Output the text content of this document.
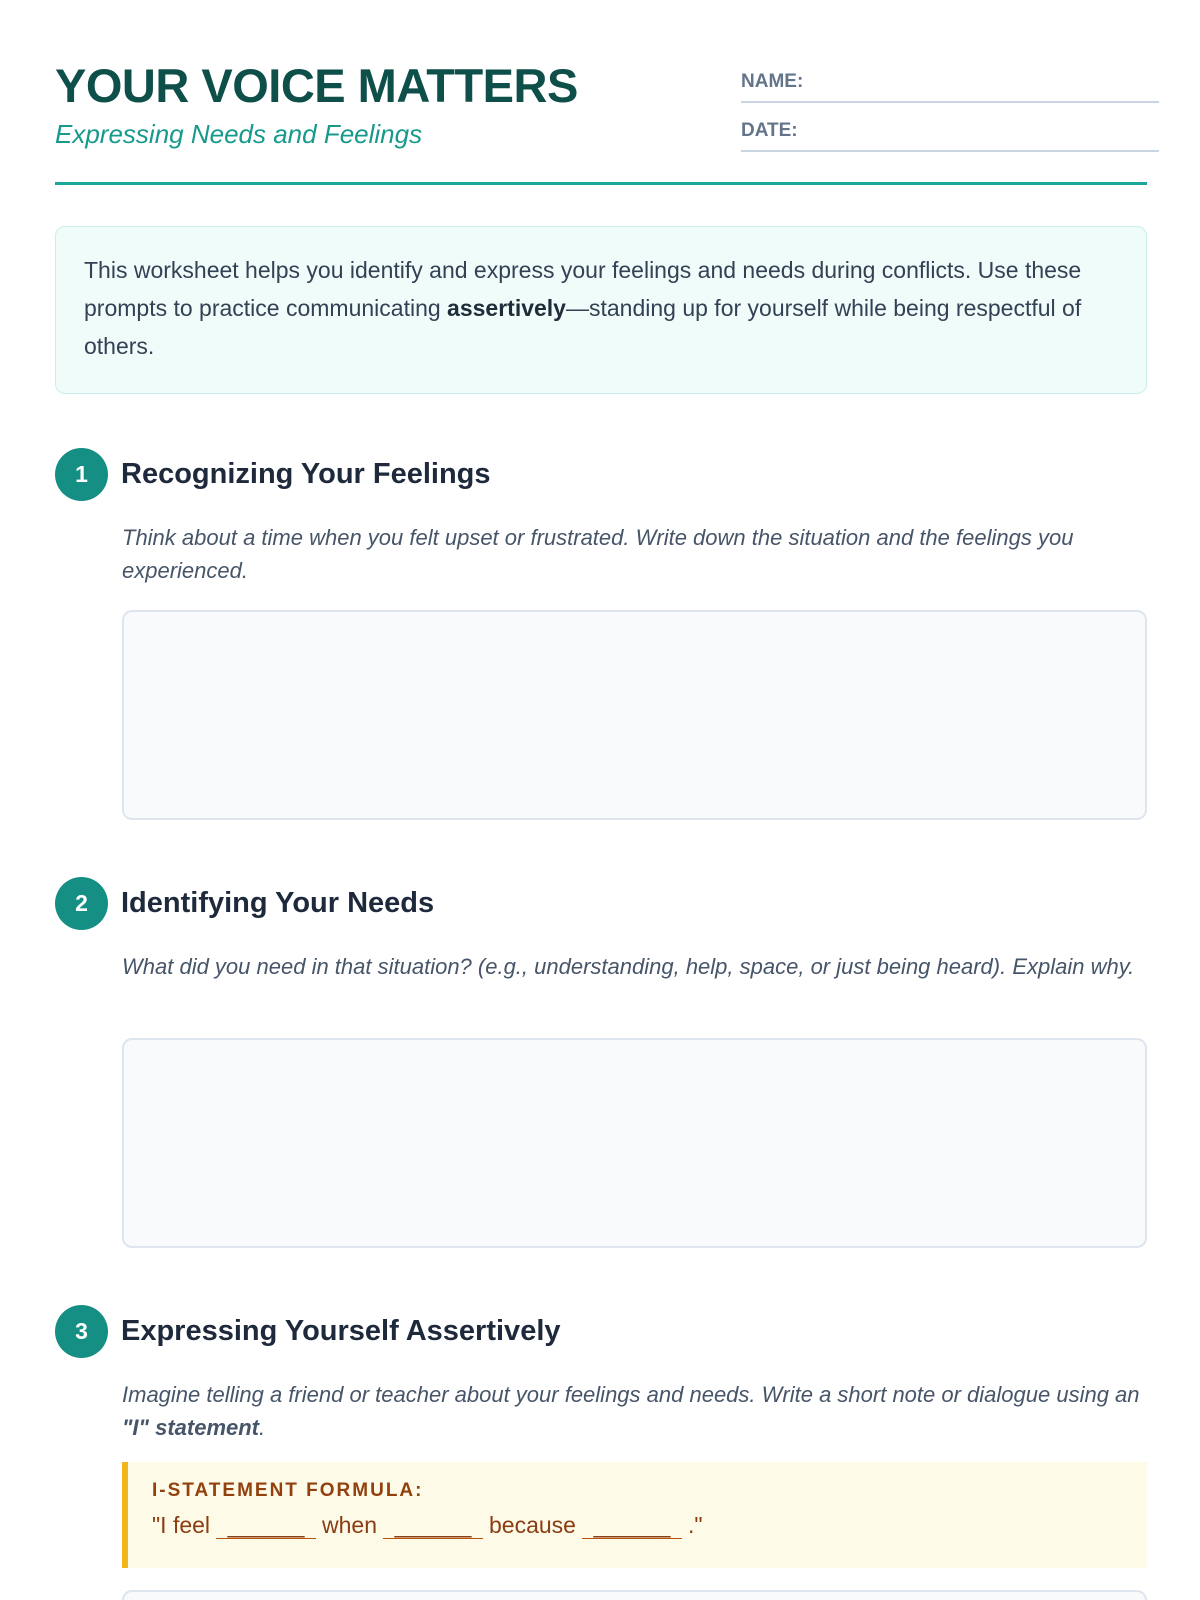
YOUR VOICE MATTERS
Expressing Needs and Feelings
NAME:
DATE:
This worksheet helps you identify and express your feelings and needs during conflicts. Use these prompts to practice communicating assertively—standing up for yourself while being respectful of others.
1	Recognizing Your Feelings
Think about a time when you felt upset or frustrated. Write down the situation and the feelings you experienced.
2	Identifying Your Needs
What did you need in that situation? (e.g., understanding, help, space, or just being heard). Explain why.
3	Expressing Yourself Assertively
Imagine telling a friend or teacher about your feelings and needs. Write a short note or dialogue using an "I" statement.
I-STATEMENT FORMULA:
"I feel ______ when ______ because ______ ."
